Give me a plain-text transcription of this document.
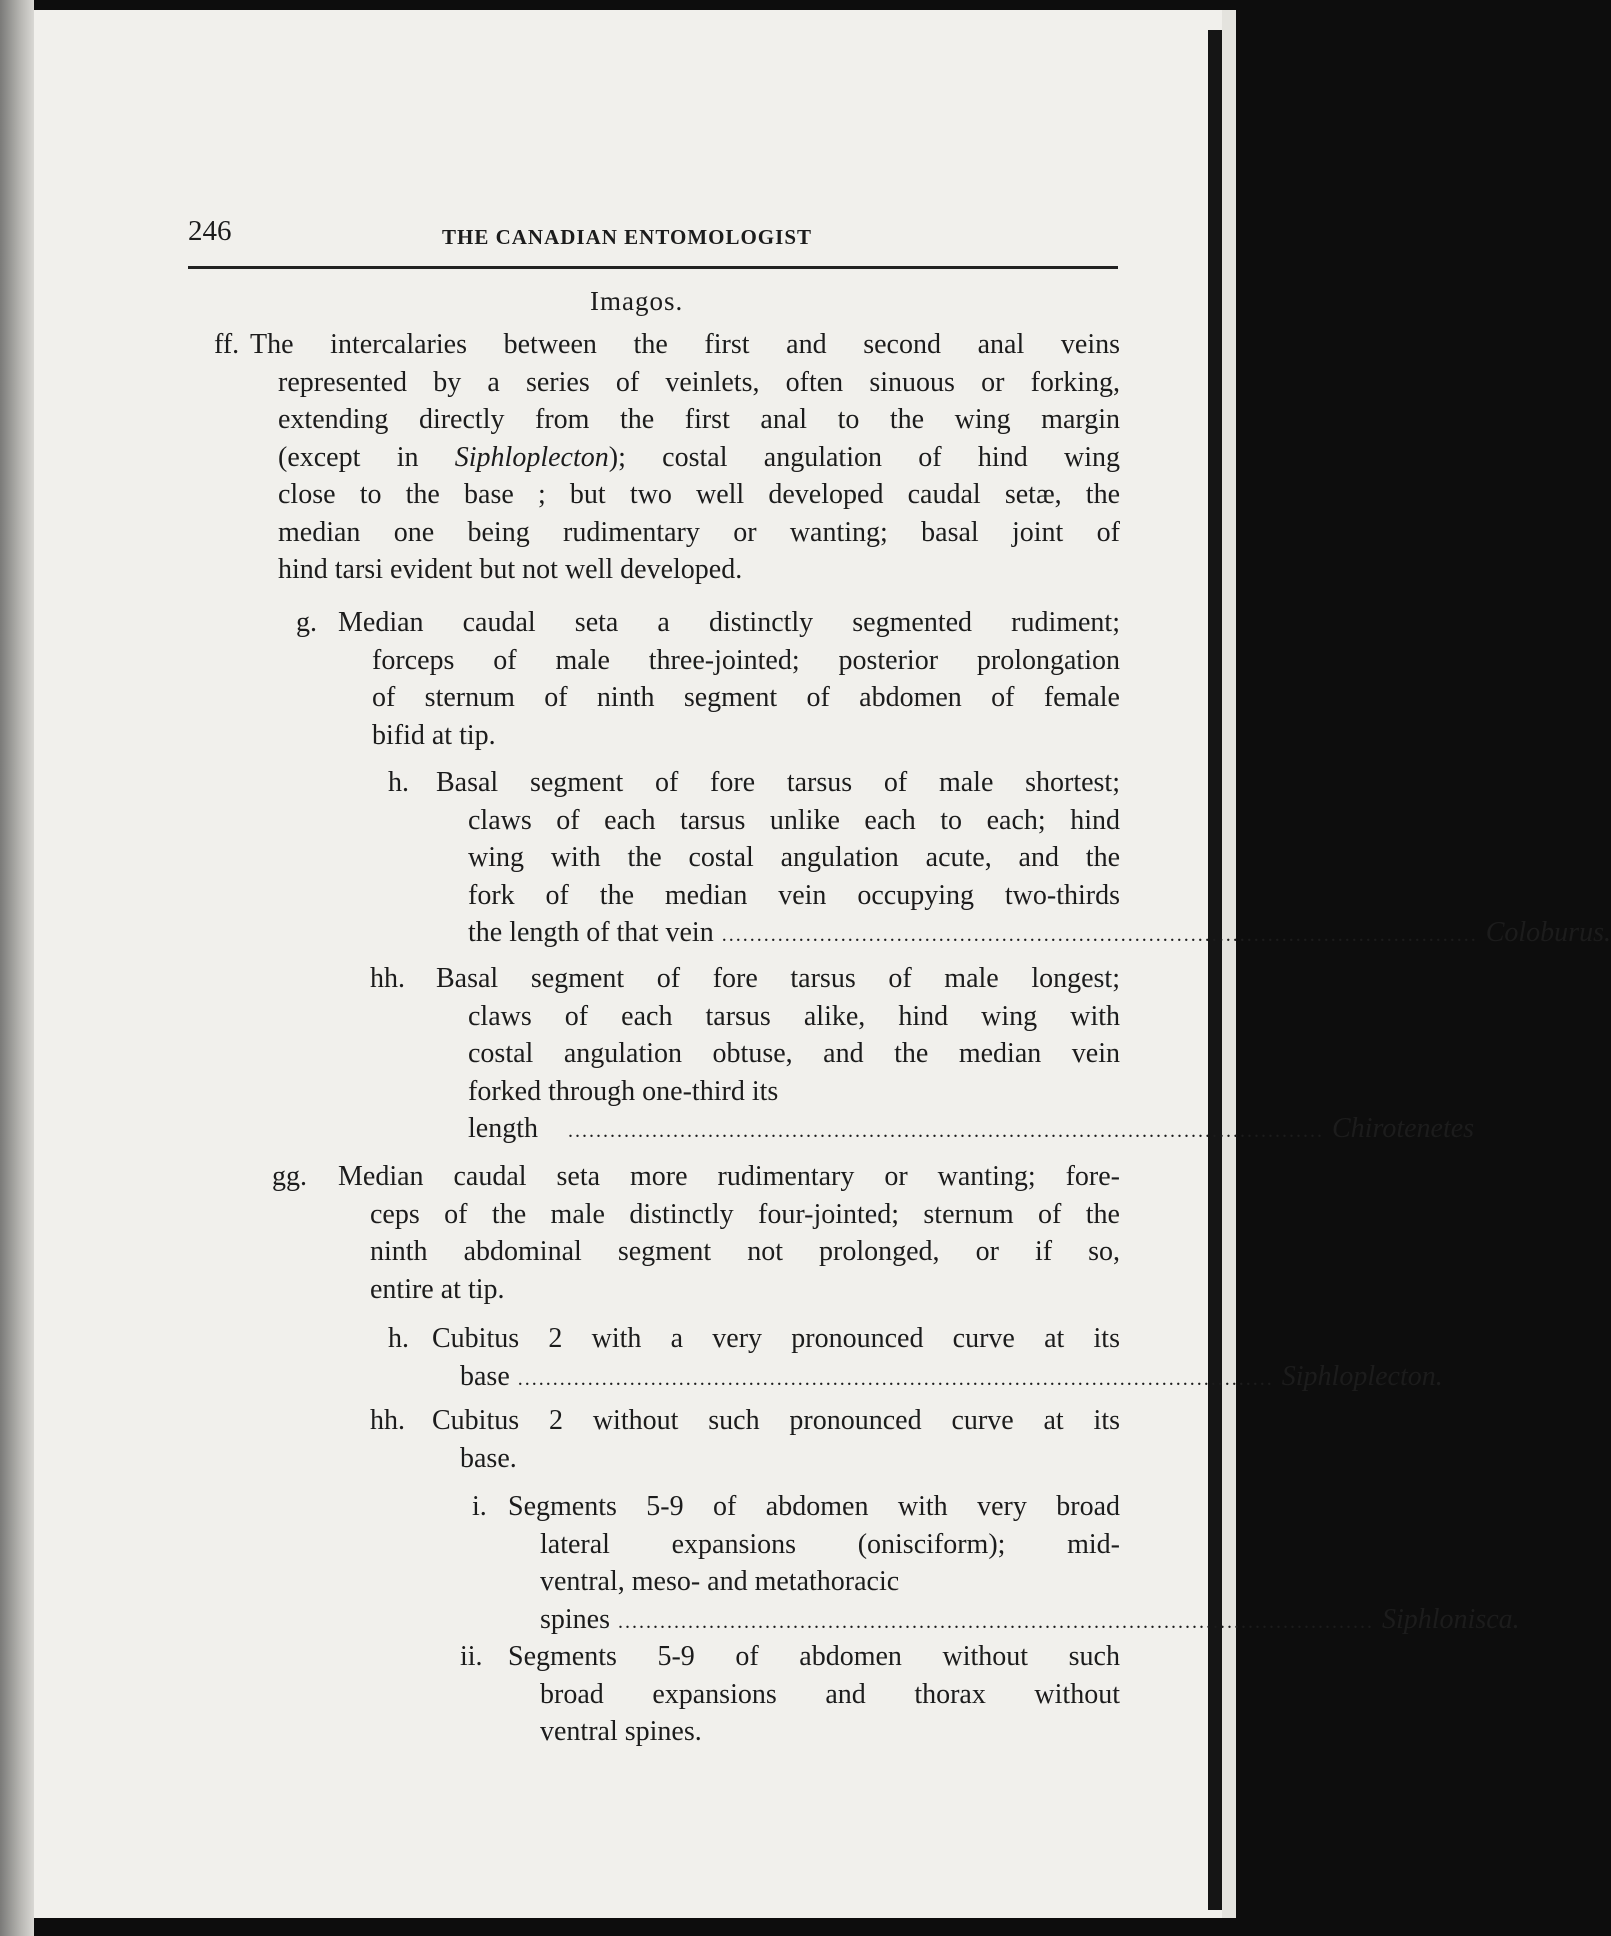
246	THE CANADIAN ENTOMOLOGIST
Imagos.
ff. The intercalaries between the first and second anal veins
represented by a series of veinlets, often sinuous or forking,
extending directly from the first anal to the wing margin
(except in Siphloplecton); costal angulation of hind wing
close to the base ; but two well developed caudal setæ, the
median one being rudimentary or wanting; basal joint of
hind tarsi evident but not well developed.
g. Median caudal seta a distinctly segmented rudiment;
forceps of male three-jointed; posterior prolongation
of sternum of ninth segment of abdomen of female
bifid at tip.
h. Basal segment of fore tarsus of male shortest;
claws of each tarsus unlike each to each; hind
wing with the costal angulation acute, and the
fork of the median vein occupying two-thirds
the length of that vein ............................................................................................................ Coloburus.
hh. Basal segment of fore tarsus of male longest;
claws of each tarsus alike, hind wing with
costal angulation obtuse, and the median vein
forked through one-third its
length ............................................................................................................ Chirotenetes
gg. Median caudal seta more rudimentary or wanting; fore-
ceps of the male distinctly four-jointed; sternum of the
ninth abdominal segment not prolonged, or if so,
entire at tip.
h. Cubitus 2 with a very pronounced curve at its
base ............................................................................................................ Siphloplecton.
hh. Cubitus 2 without such pronounced curve at its
base.
i. Segments 5-9 of abdomen with very broad
lateral expansions (onisciform); mid-
ventral, meso- and metathoracic
spines ............................................................................................................ Siphlonisca.
ii. Segments 5-9 of abdomen without such
broad expansions and thorax without
ventral spines.
